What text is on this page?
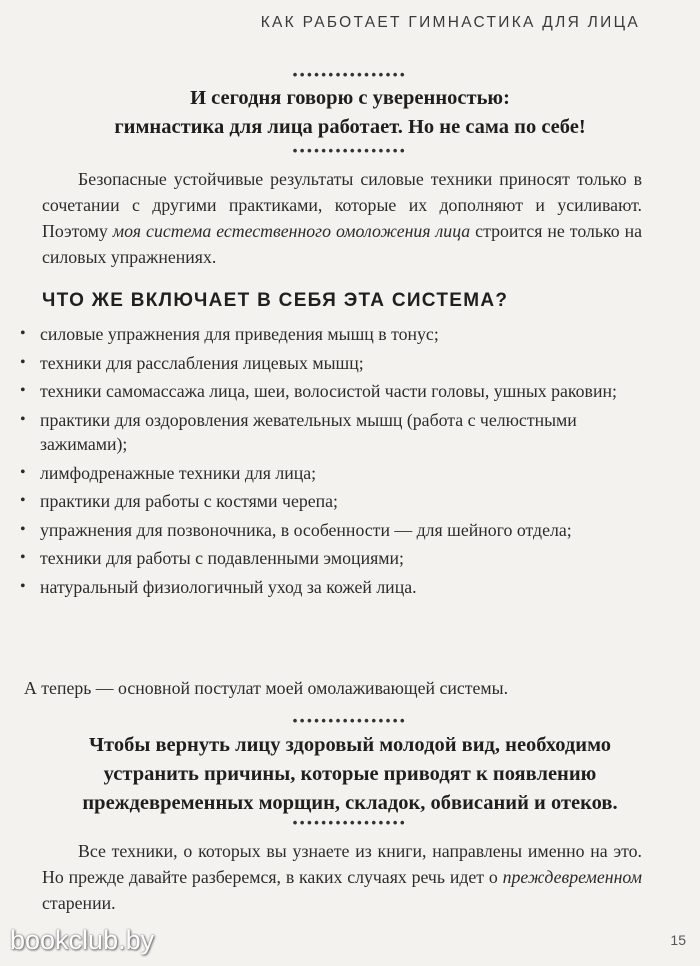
КАК РАБОТАЕТ ГИМНАСТИКА ДЛЯ ЛИЦА
••••••••••••••••
И сегодня говорю с уверенностью:
гимнастика для лица работает. Но не сама по себе!
••••••••••••••••

Безопасные устойчивые результаты силовые техники приносят только в сочетании с другими практиками, которые их дополняют и усиливают. Поэтому моя система естественного омоложения лица строится не только на силовых упражнениях.

ЧТО ЖЕ ВКЛЮЧАЕТ В СЕБЯ ЭТА СИСТЕМА?
• силовые упражнения для приведения мышц в тонус;
• техники для расслабления лицевых мышц;
• техники самомассажа лица, шеи, волосистой части головы, ушных раковин;
• практики для оздоровления жевательных мышц (работа с челюстными зажимами);
• лимфодренажные техники для лица;
• практики для работы с костями черепа;
• упражнения для позвоночника, в особенности — для шейного отдела;
• техники для работы с подавленными эмоциями;
• натуральный физиологичный уход за кожей лица.

А теперь — основной постулат моей омолаживающей системы.

••••••••••••••••
Чтобы вернуть лицу здоровый молодой вид, необходимо
устранить причины, которые приводят к появлению
преждевременных морщин, складок, обвисаний и отеков.
••••••••••••••••

Все техники, о которых вы узнаете из книги, направлены именно на это. Но прежде давайте разберемся, в каких случаях речь идет о преждевременном старении.

bookclub.by	15
